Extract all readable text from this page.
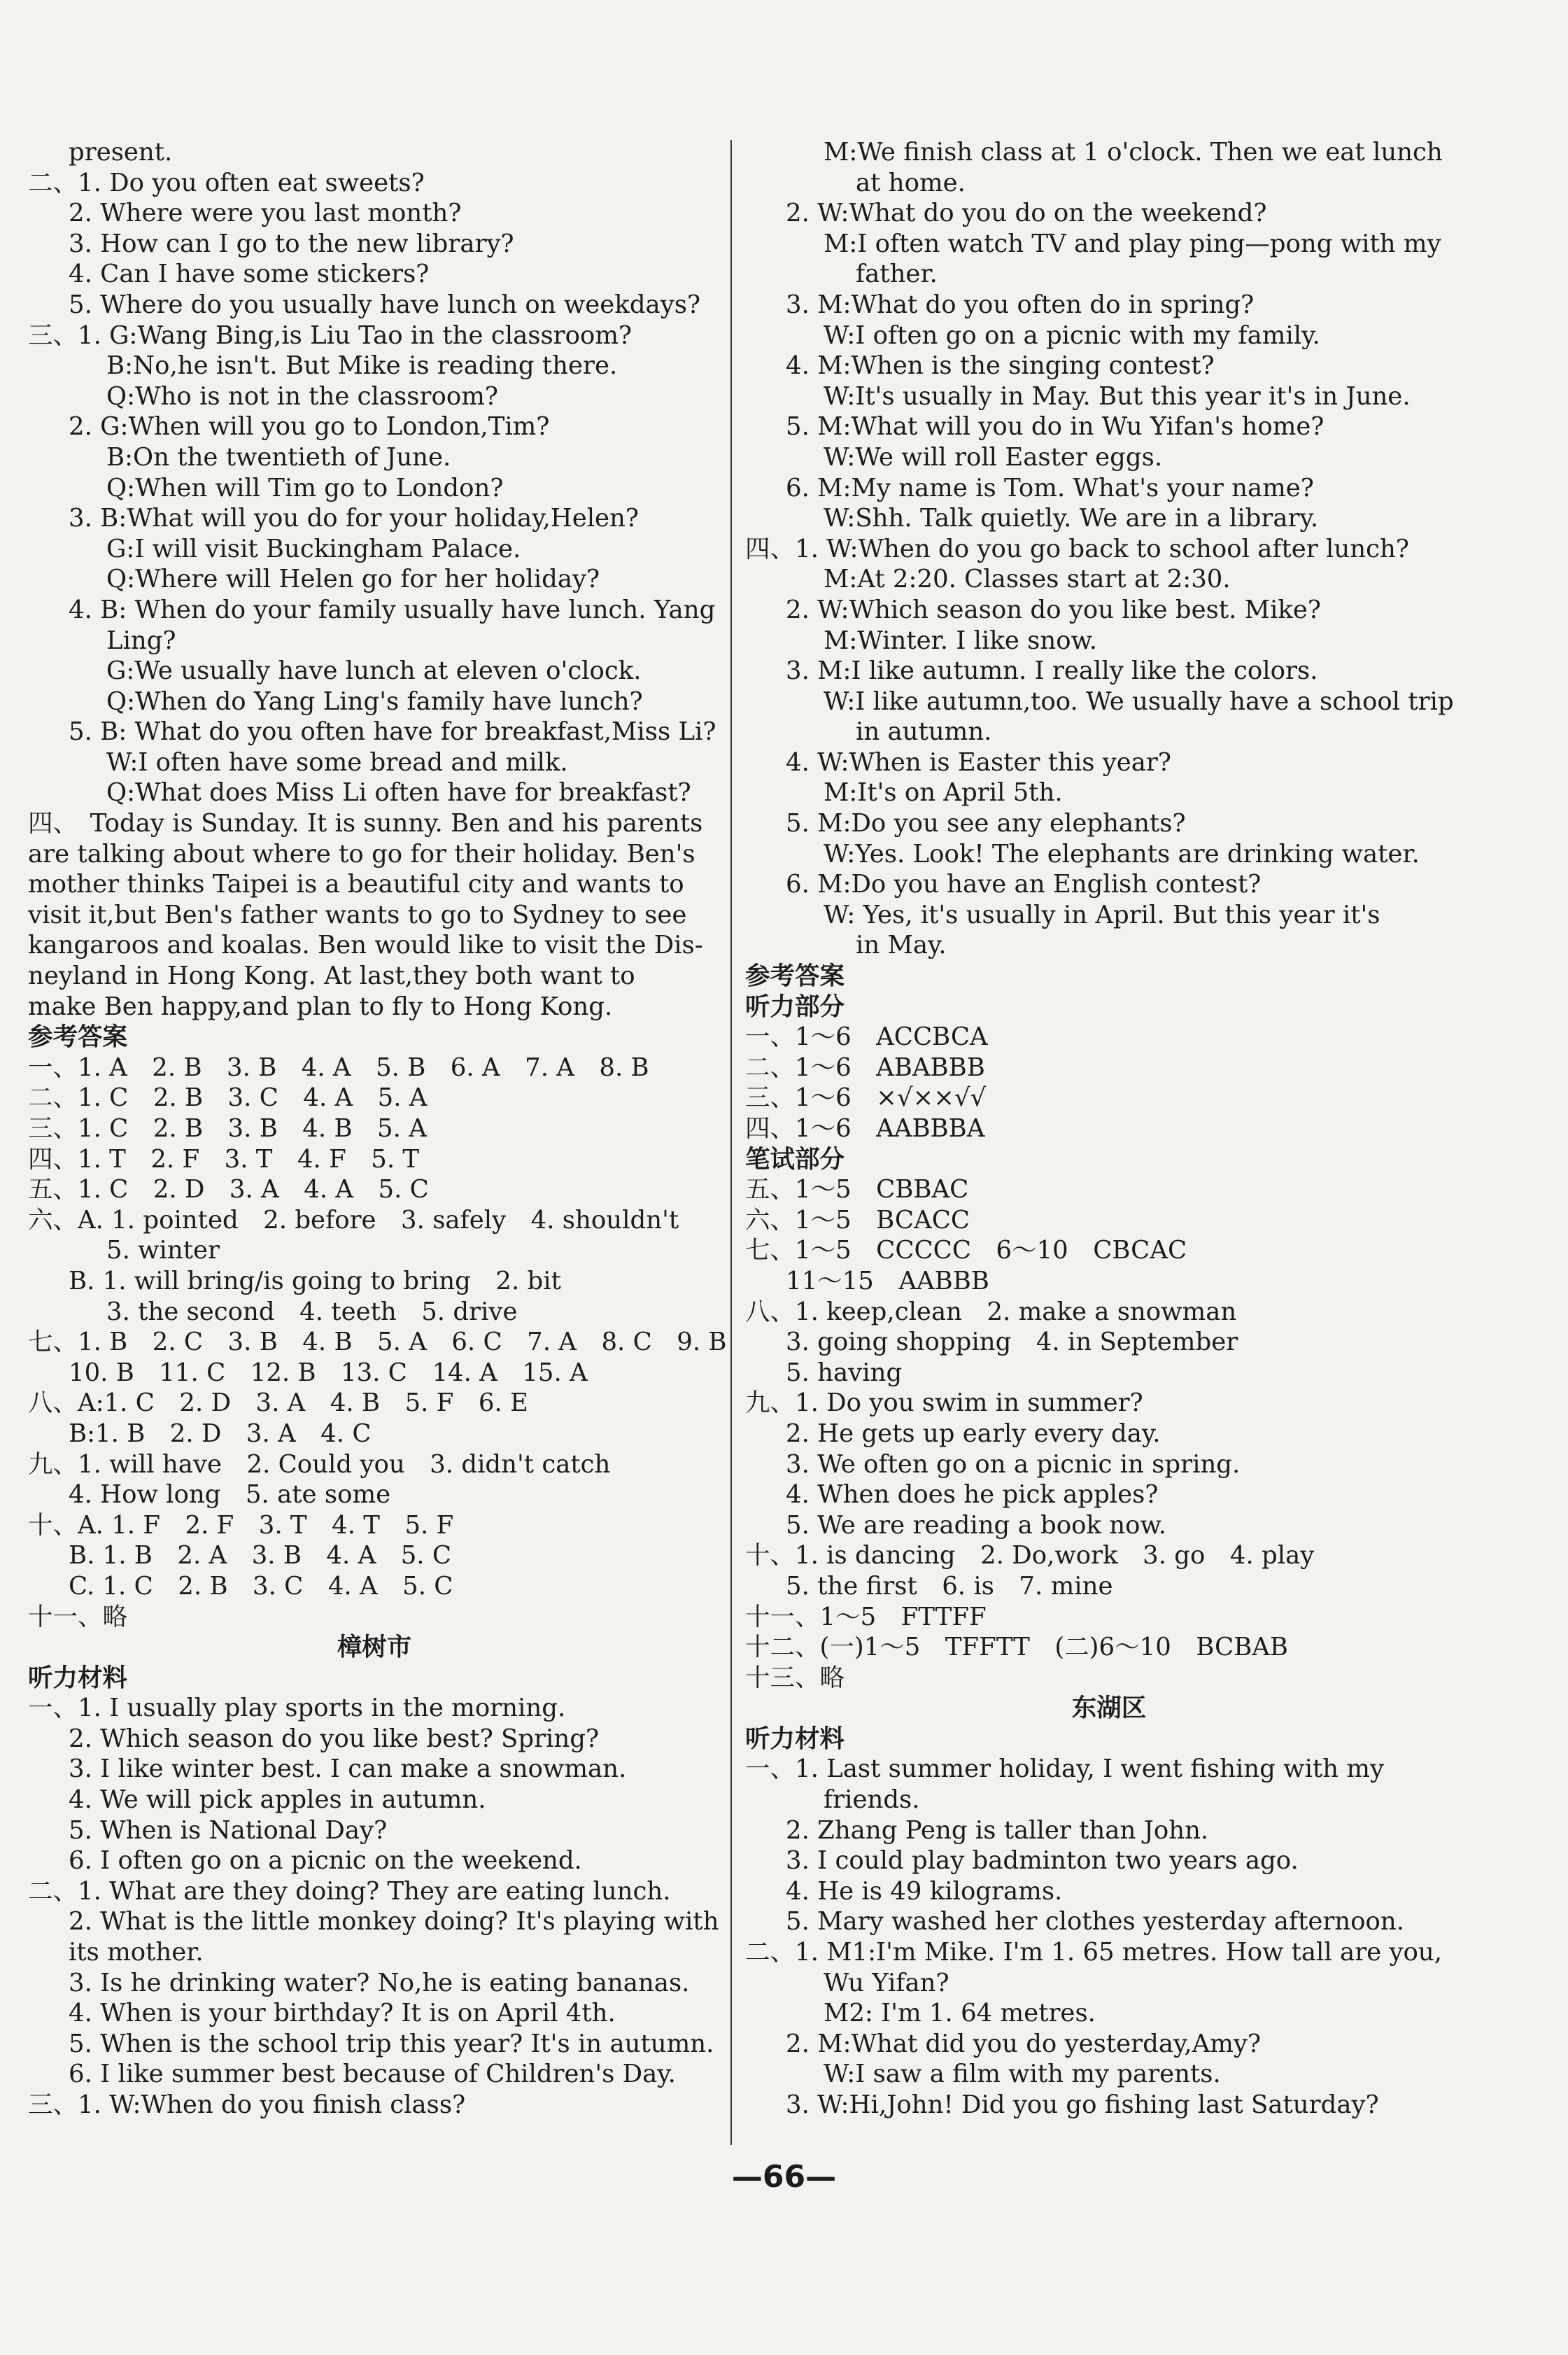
present.
二、1. Do you often eat sweets?
2. Where were you last month?
3. How can I go to the new library?
4. Can I have some stickers?
5. Where do you usually have lunch on weekdays?
三、1. G:Wang Bing,is Liu Tao in the classroom?
B:No,he isn't. But Mike is reading there.
Q:Who is not in the classroom?
2. G:When will you go to London,Tim?
B:On the twentieth of June.
Q:When will Tim go to London?
3. B:What will you do for your holiday,Helen?
G:I will visit Buckingham Palace.
Q:Where will Helen go for her holiday?
4. B: When do your family usually have lunch. Yang
Ling?
G:We usually have lunch at eleven o'clock.
Q:When do Yang Ling's family have lunch?
5. B: What do you often have for breakfast,Miss Li?
W:I often have some bread and milk.
Q:What does Miss Li often have for breakfast?
四、　Today is Sunday. It is sunny. Ben and his parents
are talking about where to go for their holiday. Ben's
mother thinks Taipei is a beautiful city and wants to
visit it,but Ben's father wants to go to Sydney to see
kangaroos and koalas. Ben would like to visit the Dis-
neyland in Hong Kong. At last,they both want to
make Ben happy,and plan to fly to Hong Kong.
参考答案
一、1. A　2. B　3. B　4. A　5. B　6. A　7. A　8. B
二、1. C　2. B　3. C　4. A　5. A
三、1. C　2. B　3. B　4. B　5. A
四、1. T　2. F　3. T　4. F　5. T
五、1. C　2. D　3. A　4. A　5. C
六、A. 1. pointed　2. before　3. safely　4. shouldn't
5. winter
B. 1. will bring/is going to bring　2. bit
3. the second　4. teeth　5. drive
七、1. B　2. C　3. B　4. B　5. A　6. C　7. A　8. C　9. B
10. B　11. C　12. B　13. C　14. A　15. A
八、A:1. C　2. D　3. A　4. B　5. F　6. E
B:1. B　2. D　3. A　4. C
九、1. will have　2. Could you　3. didn't catch
4. How long　5. ate some
十、A. 1. F　2. F　3. T　4. T　5. F
B. 1. B　2. A　3. B　4. A　5. C
C. 1. C　2. B　3. C　4. A　5. C
十一、略
樟树市
听力材料
一、1. I usually play sports in the morning.
2. Which season do you like best? Spring?
3. I like winter best. I can make a snowman.
4. We will pick apples in autumn.
5. When is National Day?
6. I often go on a picnic on the weekend.
二、1. What are they doing? They are eating lunch.
2. What is the little monkey doing? It's playing with
its mother.
3. Is he drinking water? No,he is eating bananas.
4. When is your birthday? It is on April 4th.
5. When is the school trip this year? It's in autumn.
6. I like summer best because of Children's Day.
三、1. W:When do you finish class?
M:We finish class at 1 o'clock. Then we eat lunch
at home.
2. W:What do you do on the weekend?
M:I often watch TV and play ping—pong with my
father.
3. M:What do you often do in spring?
W:I often go on a picnic with my family.
4. M:When is the singing contest?
W:It's usually in May. But this year it's in June.
5. M:What will you do in Wu Yifan's home?
W:We will roll Easter eggs.
6. M:My name is Tom. What's your name?
W:Shh. Talk quietly. We are in a library.
四、1. W:When do you go back to school after lunch?
M:At 2:20. Classes start at 2:30.
2. W:Which season do you like best. Mike?
M:Winter. I like snow.
3. M:I like autumn. I really like the colors.
W:I like autumn,too. We usually have a school trip
in autumn.
4. W:When is Easter this year?
M:It's on April 5th.
5. M:Do you see any elephants?
W:Yes. Look! The elephants are drinking water.
6. M:Do you have an English contest?
W: Yes, it's usually in April. But this year it's
in May.
参考答案
听力部分
一、1～6　ACCBCA
二、1～6　ABABBB
三、1～6　×√××√√
四、1～6　AABBBA
笔试部分
五、1～5　CBBAC
六、1～5　BCACC
七、1～5　CCCCC　6～10　CBCAC
11～15　AABBB
八、1. keep,clean　2. make a snowman
3. going shopping　4. in September
5. having
九、1. Do you swim in summer?
2. He gets up early every day.
3. We often go on a picnic in spring.
4. When does he pick apples?
5. We are reading a book now.
十、1. is dancing　2. Do,work　3. go　4. play
5. the first　6. is　7. mine
十一、1～5　FTTFF
十二、(一)1～5　TFFTT　(二)6～10　BCBAB
十三、略
东湖区
听力材料
一、1. Last summer holiday, I went fishing with my
friends.
2. Zhang Peng is taller than John.
3. I could play badminton two years ago.
4. He is 49 kilograms.
5. Mary washed her clothes yesterday afternoon.
二、1. M1:I'm Mike. I'm 1. 65 metres. How tall are you,
Wu Yifan?
M2: I'm 1. 64 metres.
2. M:What did you do yesterday,Amy?
W:I saw a film with my parents.
3. W:Hi,John! Did you go fishing last Saturday?
—66—
